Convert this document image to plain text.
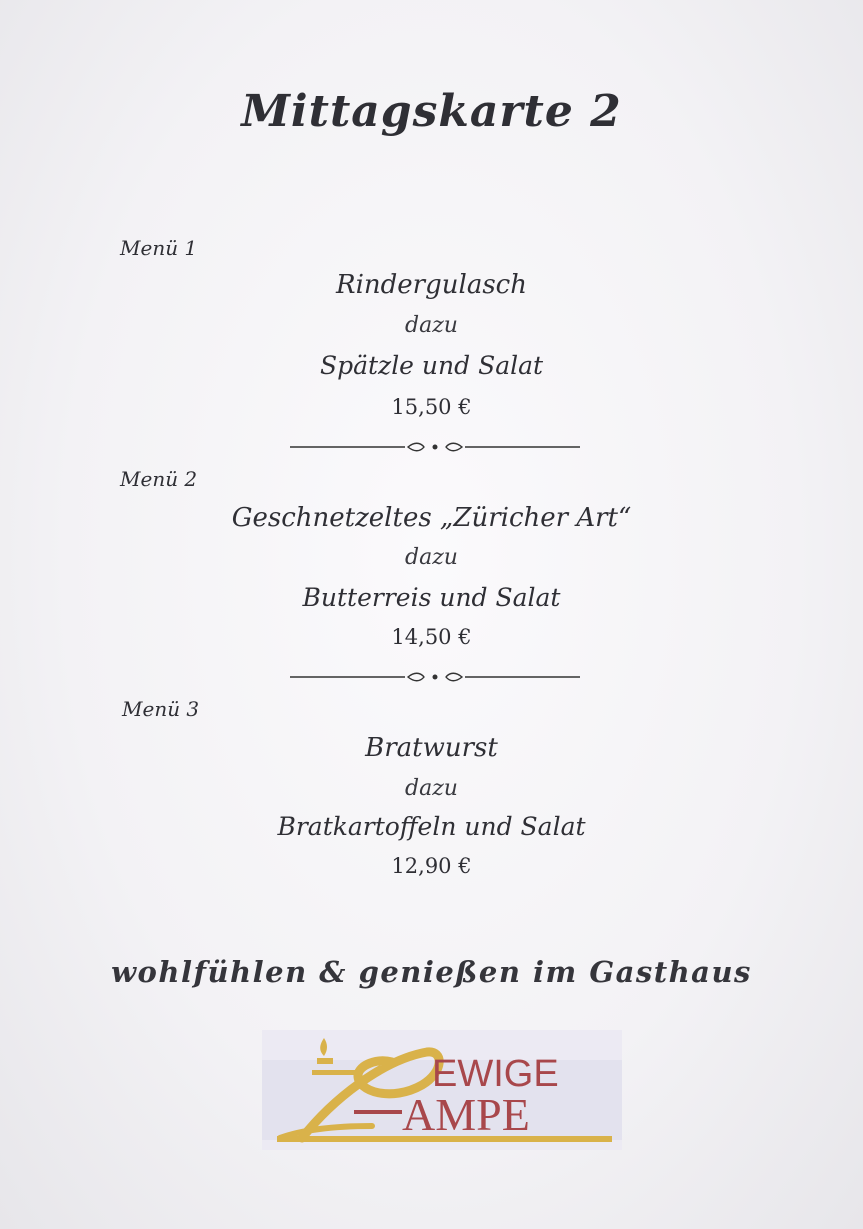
Mittagskarte 2
Menü 1
Rindergulasch
dazu
Spätzle und Salat
15,50 €
Menü 2
Geschnetzeltes „Züricher Art“
dazu
Butterreis und Salat
14,50 €
Menü 3
Bratwurst
dazu
Bratkartoffeln und Salat
12,90 €
wohlfühlen & genießen im Gasthaus
EWIGE
AMPE
